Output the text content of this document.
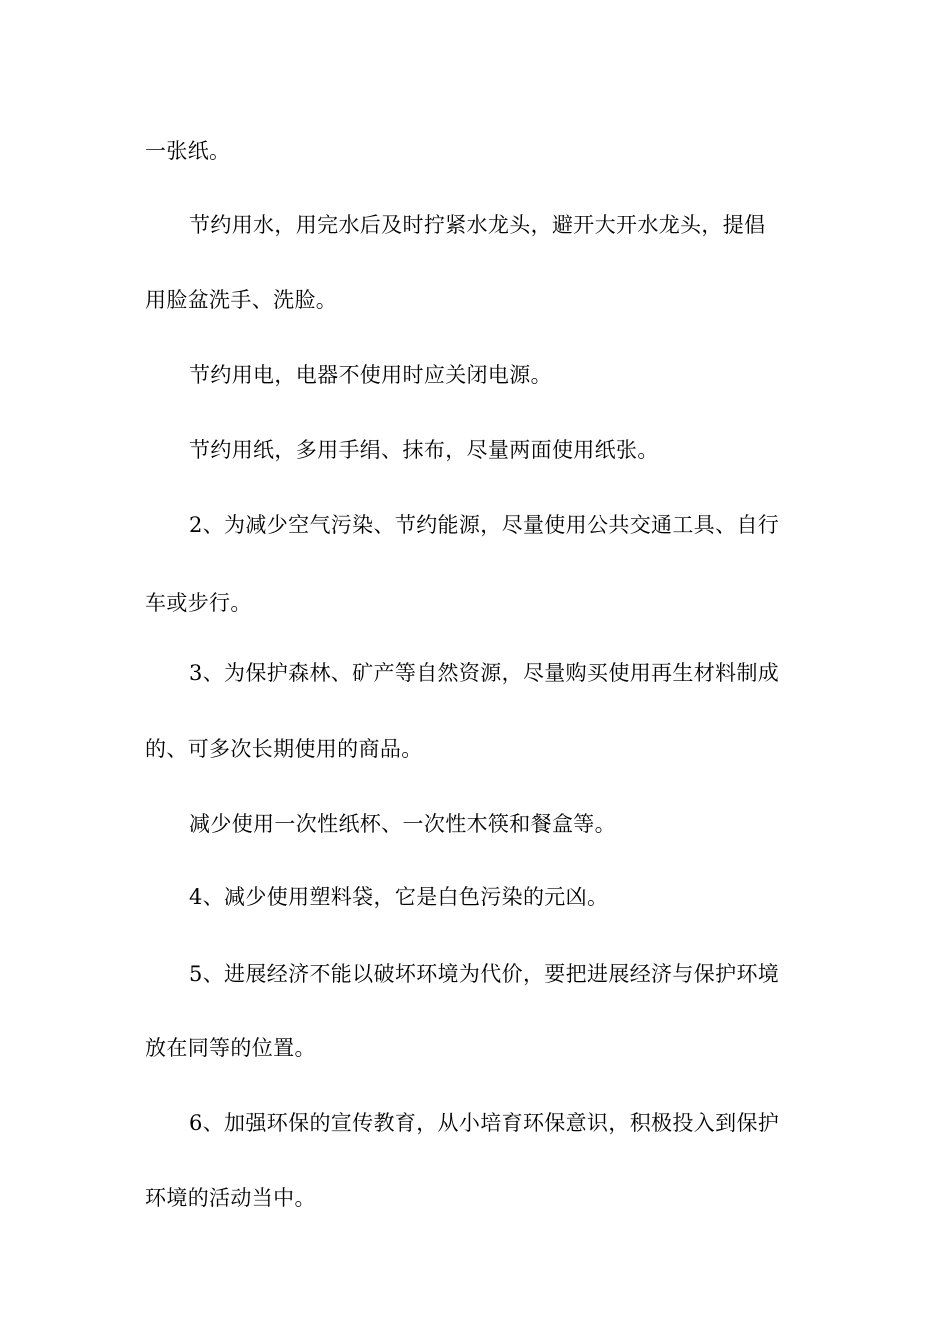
一张纸。
节约用水，用完水后及时拧紧水龙头，避开大开水龙头，提倡
用脸盆洗手、洗脸。
节约用电，电器不使用时应关闭电源。
节约用纸，多用手绢、抹布，尽量两面使用纸张。
2、为减少空气污染、节约能源，尽量使用公共交通工具、自行
车或步行。
3、为保护森林、矿产等自然资源，尽量购买使用再生材料制成
的、可多次长期使用的商品。
减少使用一次性纸杯、一次性木筷和餐盒等。
4、减少使用塑料袋，它是白色污染的元凶。
5、进展经济不能以破坏环境为代价，要把进展经济与保护环境
放在同等的位置。
6、加强环保的宣传教育，从小培育环保意识，积极投入到保护
环境的活动当中。
